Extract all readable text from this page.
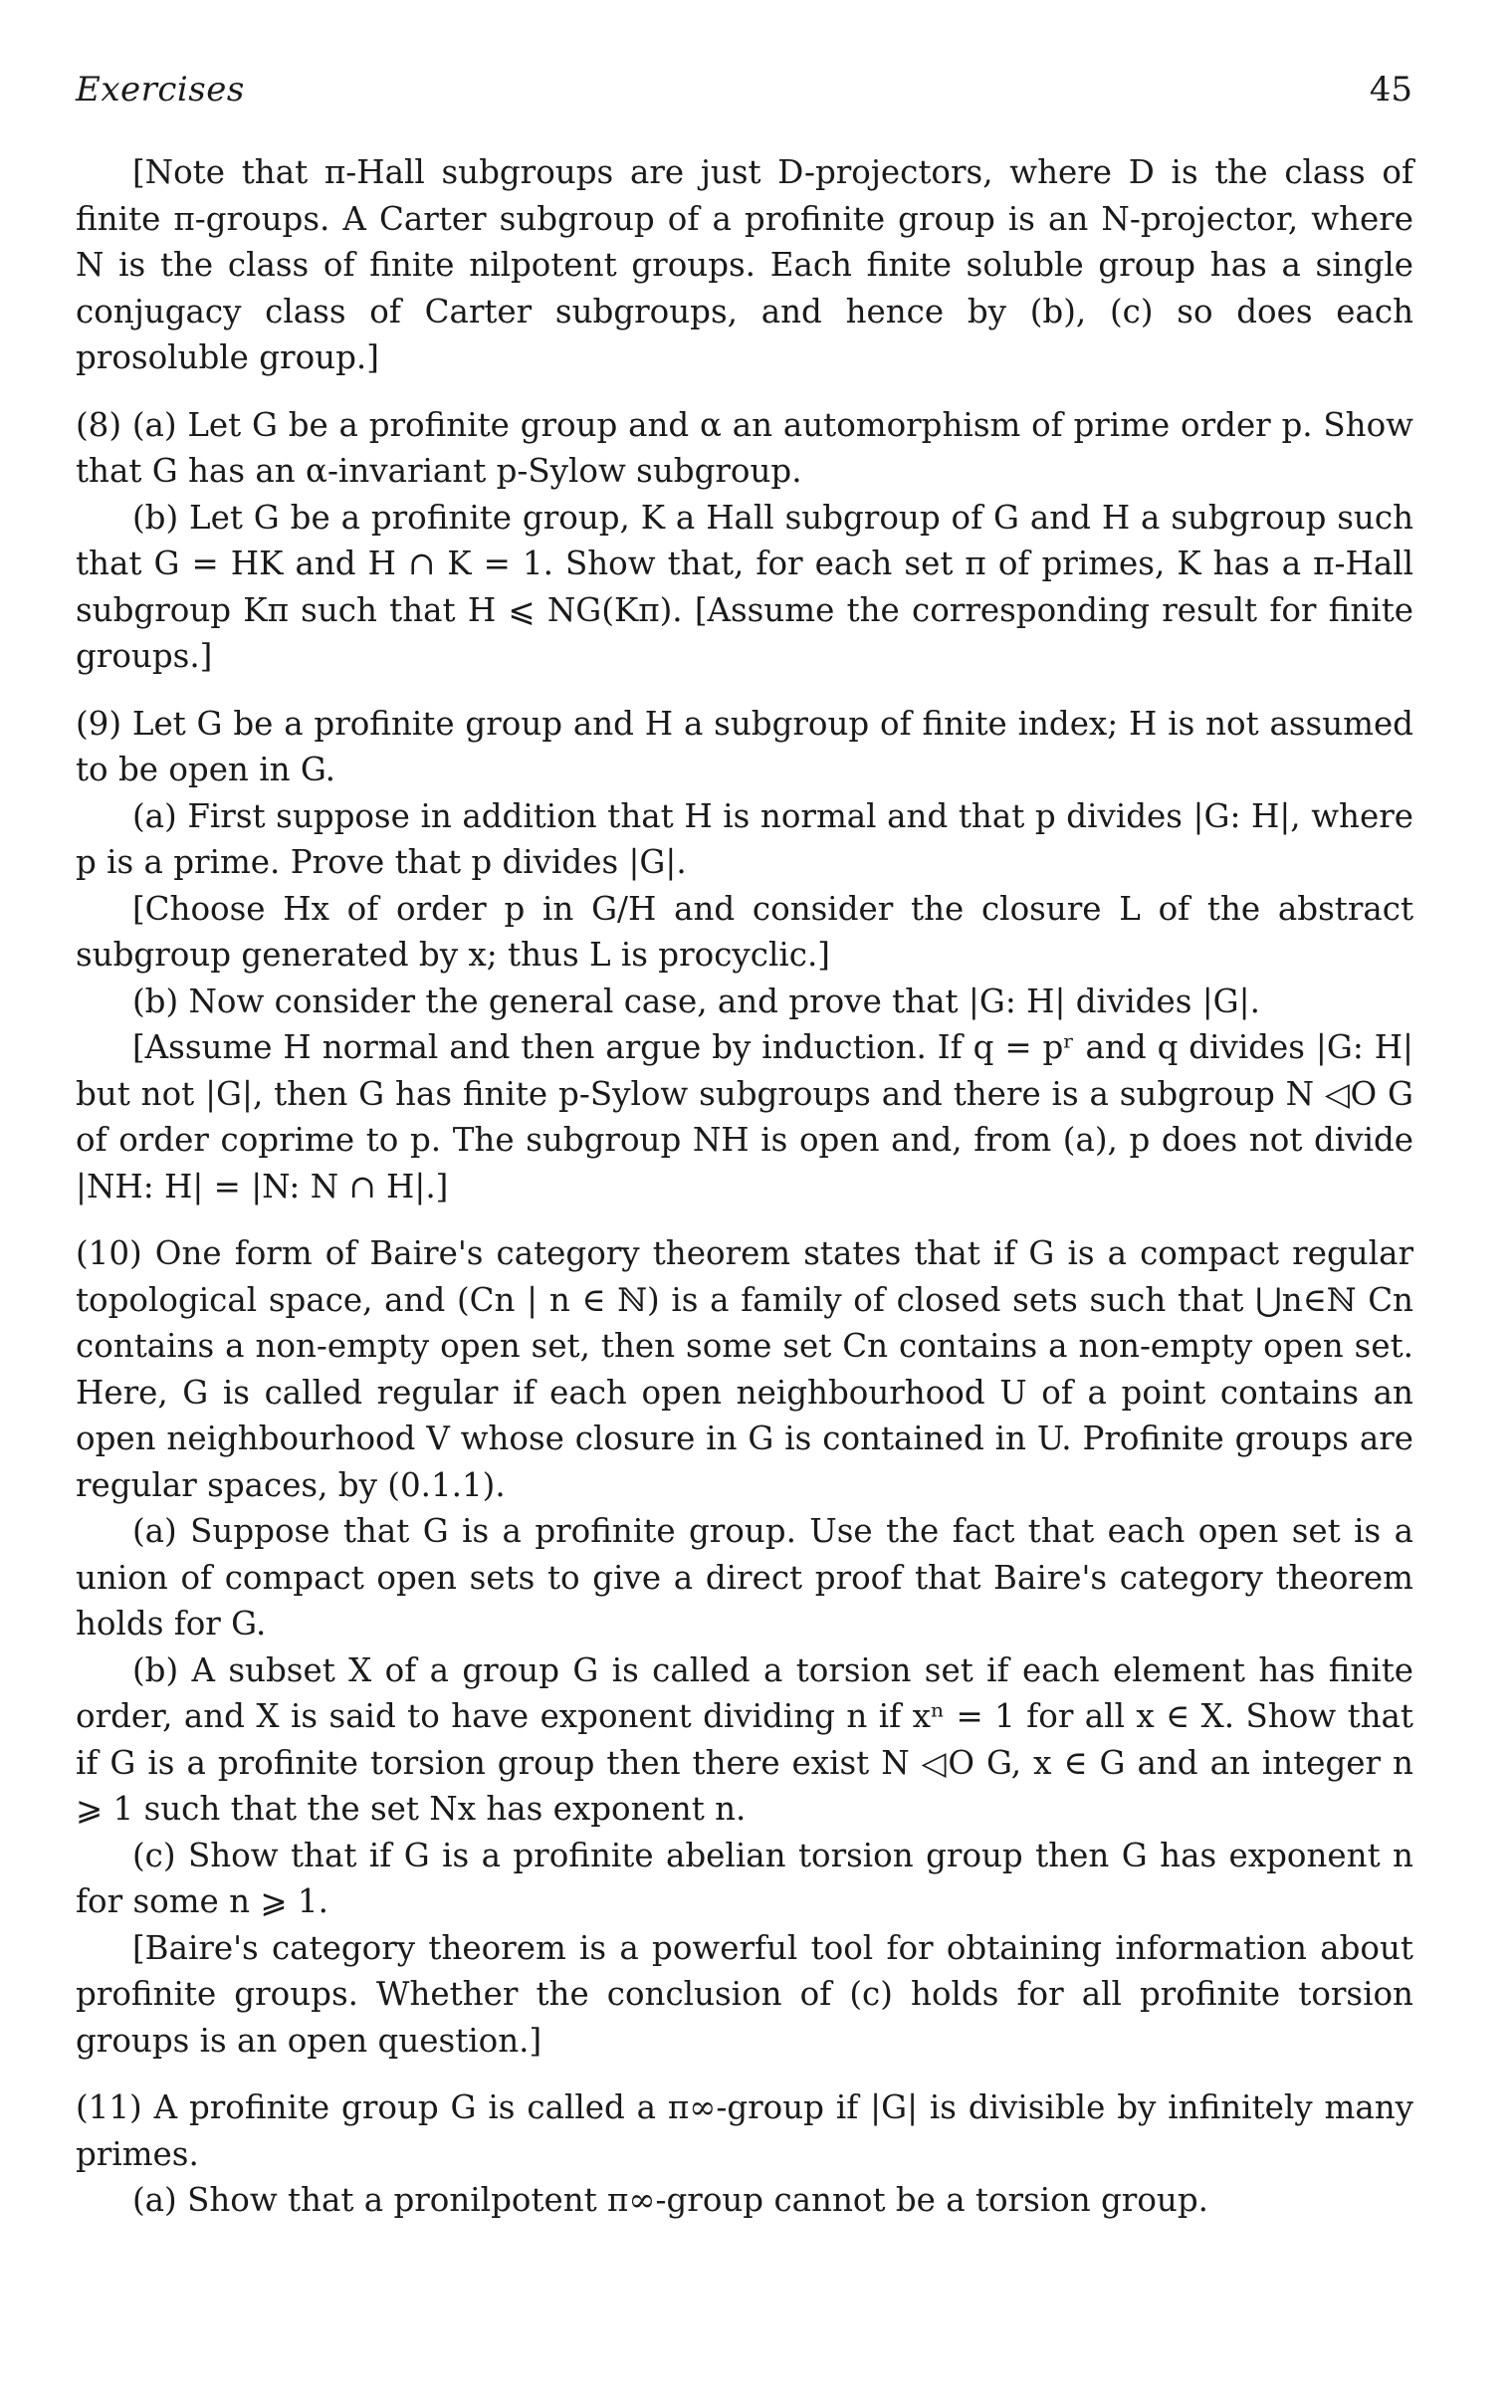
Exercises	45

[Note that π-Hall subgroups are just D-projectors, where D is the class of finite π-groups. A Carter subgroup of a profinite group is an N-projector, where N is the class of finite nilpotent groups. Each finite soluble group has a single conjugacy class of Carter subgroups, and hence by (b), (c) so does each prosoluble group.]

(8) (a) Let G be a profinite group and α an automorphism of prime order p. Show that G has an α-invariant p-Sylow subgroup.

(b) Let G be a profinite group, K a Hall subgroup of G and H a subgroup such that G = HK and H ∩ K = 1. Show that, for each set π of primes, K has a π-Hall subgroup Kπ such that H ⩽ NG(Kπ). [Assume the corresponding result for finite groups.]

(9) Let G be a profinite group and H a subgroup of finite index; H is not assumed to be open in G.

(a) First suppose in addition that H is normal and that p divides |G: H|, where p is a prime. Prove that p divides |G|.

[Choose Hx of order p in G/H and consider the closure L of the abstract subgroup generated by x; thus L is procyclic.]

(b) Now consider the general case, and prove that |G: H| divides |G|.

[Assume H normal and then argue by induction. If q = pʳ and q divides |G: H| but not |G|, then G has finite p-Sylow subgroups and there is a subgroup N ◁O G of order coprime to p. The subgroup NH is open and, from (a), p does not divide |NH: H| = |N: N ∩ H|.]

(10) One form of Baire's category theorem states that if G is a compact regular topological space, and (Cn | n ∈ ℕ) is a family of closed sets such that ⋃n∈ℕ Cn contains a non-empty open set, then some set Cn contains a non-empty open set. Here, G is called regular if each open neighbourhood U of a point contains an open neighbourhood V whose closure in G is contained in U. Profinite groups are regular spaces, by (0.1.1).

(a) Suppose that G is a profinite group. Use the fact that each open set is a union of compact open sets to give a direct proof that Baire's category theorem holds for G.

(b) A subset X of a group G is called a torsion set if each element has finite order, and X is said to have exponent dividing n if xⁿ = 1 for all x ∈ X. Show that if G is a profinite torsion group then there exist N ◁O G, x ∈ G and an integer n ⩾ 1 such that the set Nx has exponent n.

(c) Show that if G is a profinite abelian torsion group then G has exponent n for some n ⩾ 1.

[Baire's category theorem is a powerful tool for obtaining information about profinite groups. Whether the conclusion of (c) holds for all profinite torsion groups is an open question.]

(11) A profinite group G is called a π∞-group if |G| is divisible by infinitely many primes.

(a) Show that a pronilpotent π∞-group cannot be a torsion group.
